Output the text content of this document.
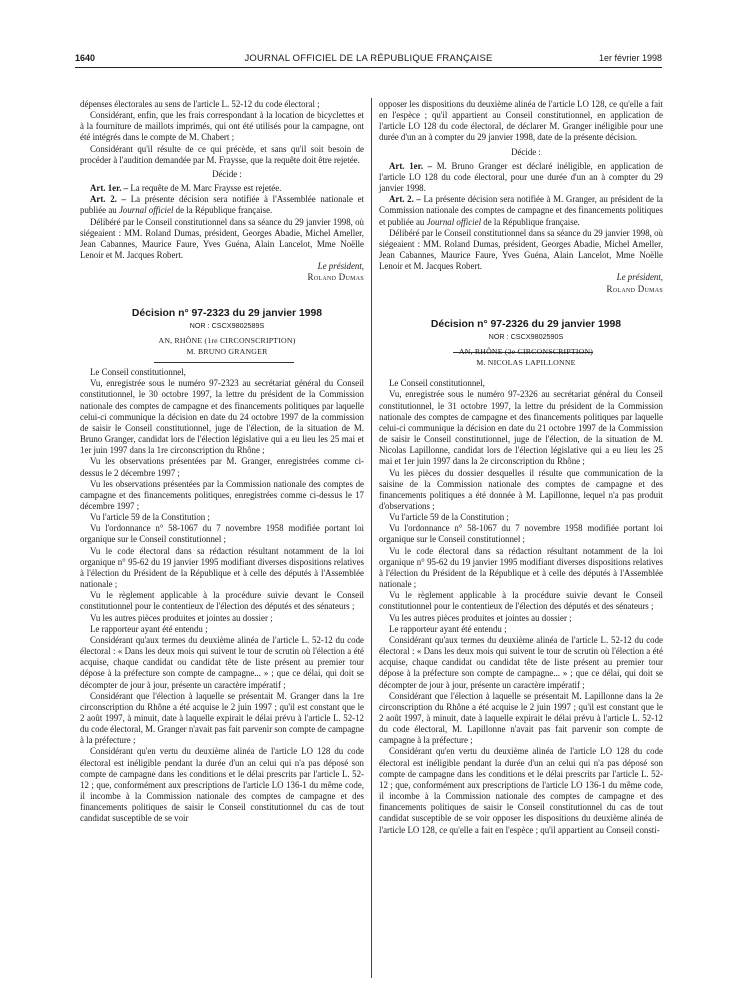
1640	JOURNAL OFFICIEL DE LA RÉPUBLIQUE FRANÇAISE	1er février 1998

dépenses électorales au sens de l'article L. 52-12 du code électoral ;

Considérant, enfin, que les frais correspondant à la location de bicyclettes et à la fourniture de maillots imprimés, qui ont été utilisés pour la campagne, ont été intégrés dans le compte de M. Chabert ;

Considérant qu'il résulte de ce qui précède, et sans qu'il soit besoin de procéder à l'audition demandée par M. Fraysse, que la requête doit être rejetée.

Décide :

Art. 1er. – La requête de M. Marc Fraysse est rejetée.

Art. 2. – La présente décision sera notifiée à l'Assemblée nationale et publiée au Journal officiel de la République française.

Délibéré par le Conseil constitutionnel dans sa séance du 29 janvier 1998, où siégeaient : MM. Roland Dumas, président, Georges Abadie, Michel Ameller, Jean Cabannes, Maurice Faure, Yves Guéna, Alain Lancelot, Mme Noëlle Lenoir et M. Jacques Robert.

Le président,

Roland Dumas

Décision n° 97-2323 du 29 janvier 1998

NOR : CSCX9802589S

AN, RHÔNE (1re CIRCONSCRIPTION)

M. BRUNO GRANGER

Le Conseil constitutionnel,

Vu, enregistrée sous le numéro 97-2323 au secrétariat général du Conseil constitutionnel, le 30 octobre 1997, la lettre du président de la Commission nationale des comptes de campagne et des financements politiques par laquelle celui-ci communique la décision en date du 24 octobre 1997 de la commission de saisir le Conseil constitutionnel, juge de l'élection, de la situation de M. Bruno Granger, candidat lors de l'élection législative qui a eu lieu les 25 mai et 1er juin 1997 dans la 1re circonscription du Rhône ;

Vu les observations présentées par M. Granger, enregistrées comme ci-dessus le 2 décembre 1997 ;

Vu les observations présentées par la Commission nationale des comptes de campagne et des financements politiques, enregistrées comme ci-dessus le 17 décembre 1997 ;

Vu l'article 59 de la Constitution ;

Vu l'ordonnance n° 58-1067 du 7 novembre 1958 modifiée portant loi organique sur le Conseil constitutionnel ;

Vu le code électoral dans sa rédaction résultant notamment de la loi organique n° 95-62 du 19 janvier 1995 modifiant diverses dispositions relatives à l'élection du Président de la République et à celle des députés à l'Assemblée nationale ;

Vu le règlement applicable à la procédure suivie devant le Conseil constitutionnel pour le contentieux de l'élection des députés et des sénateurs ;

Vu les autres pièces produites et jointes au dossier ;

Le rapporteur ayant été entendu ;

Considérant qu'aux termes du deuxième alinéa de l'article L. 52-12 du code électoral : « Dans les deux mois qui suivent le tour de scrutin où l'élection a été acquise, chaque candidat ou candidat tête de liste présent au premier tour dépose à la préfecture son compte de campagne... » ; que ce délai, qui doit se décompter de jour à jour, présente un caractère impératif ;

Considérant que l'élection à laquelle se présentait M. Granger dans la 1re circonscription du Rhône a été acquise le 2 juin 1997 ; qu'il est constant que le 2 août 1997, à minuit, date à laquelle expirait le délai prévu à l'article L. 52-12 du code électoral, M. Granger n'avait pas fait parvenir son compte de campagne à la préfecture ;

Considérant qu'en vertu du deuxième alinéa de l'article LO 128 du code électoral est inéligible pendant la durée d'un an celui qui n'a pas déposé son compte de campagne dans les conditions et le délai prescrits par l'article L. 52-12 ; que, conformément aux prescriptions de l'article LO 136-1 du même code, il incombe à la Commission nationale des comptes de campagne et des financements politiques de saisir le Conseil constitutionnel du cas de tout candidat susceptible de se voir

opposer les dispositions du deuxième alinéa de l'article LO 128, ce qu'elle a fait en l'espèce ; qu'il appartient au Conseil constitutionnel, en application de l'article LO 128 du code électoral, de déclarer M. Granger inéligible pour une durée d'un an à compter du 29 janvier 1998, date de la présente décision.

Décide :

Art. 1er. – M. Bruno Granger est déclaré inéligible, en application de l'article LO 128 du code électoral, pour une durée d'un an à compter du 29 janvier 1998.

Art. 2. – La présente décision sera notifiée à M. Granger, au président de la Commission nationale des comptes de campagne et des financements politiques et publiée au Journal officiel de la République française.

Délibéré par le Conseil constitutionnel dans sa séance du 29 janvier 1998, où siégeaient : MM. Roland Dumas, président, Georges Abadie, Michel Ameller, Jean Cabannes, Maurice Faure, Yves Guéna, Alain Lancelot, Mme Noëlle Lenoir et M. Jacques Robert.

Le président,

Roland Dumas

Décision n° 97-2326 du 29 janvier 1998

NOR : CSCX9802590S

AN, RHÔNE (2e CIRCONSCRIPTION)

M. NICOLAS LAPILLONNE

Le Conseil constitutionnel,

Vu, enregistrée sous le numéro 97-2326 au secrétariat général du Conseil constitutionnel, le 31 octobre 1997, la lettre du président de la Commission nationale des comptes de campagne et des financements politiques par laquelle celui-ci communique la décision en date du 21 octobre 1997 de la Commission de saisir le Conseil constitutionnel, juge de l'élection, de la situation de M. Nicolas Lapillonne, candidat lors de l'élection législative qui a eu lieu les 25 mai et 1er juin 1997 dans la 2e circonscription du Rhône ;

Vu les pièces du dossier desquelles il résulte que communication de la saisine de la Commission nationale des comptes de campagne et des financements politiques a été donnée à M. Lapillonne, lequel n'a pas produit d'observations ;

Vu l'article 59 de la Constitution ;

Vu l'ordonnance n° 58-1067 du 7 novembre 1958 modifiée portant loi organique sur le Conseil constitutionnel ;

Vu le code électoral dans sa rédaction résultant notamment de la loi organique n° 95-62 du 19 janvier 1995 modifiant diverses dispositions relatives à l'élection du Président de la République et à celle des députés à l'Assemblée nationale ;

Vu le règlement applicable à la procédure suivie devant le Conseil constitutionnel pour le contentieux de l'élection des députés et des sénateurs ;

Vu les autres pièces produites et jointes au dossier ;

Le rapporteur ayant été entendu ;

Considérant qu'aux termes du deuxième alinéa de l'article L. 52-12 du code électoral : « Dans les deux mois qui suivent le tour de scrutin où l'élection a été acquise, chaque candidat ou candidat tête de liste présent au premier tour dépose à la préfecture son compte de campagne... » ; que ce délai, qui doit se décompter de jour à jour, présente un caractère impératif ;

Considérant que l'élection à laquelle se présentait M. Lapillonne dans la 2e circonscription du Rhône a été acquise le 2 juin 1997 ; qu'il est constant que le 2 août 1997, à minuit, date à laquelle expirait le délai prévu à l'article L. 52-12 du code électoral, M. Lapillonne n'avait pas fait parvenir son compte de campagne à la préfecture ;

Considérant qu'en vertu du deuxième alinéa de l'article LO 128 du code électoral est inéligible pendant la durée d'un an celui qui n'a pas déposé son compte de campagne dans les conditions et le délai prescrits par l'article L. 52-12 ; que, conformément aux prescriptions de l'article LO 136-1 du même code, il incombe à la Commission nationale des comptes de campagne et des financements politiques de saisir le Conseil constitutionnel du cas de tout candidat susceptible de se voir opposer les dispositions du deuxième alinéa de l'article LO 128, ce qu'elle a fait en l'espèce ; qu'il appartient au Conseil consti-
